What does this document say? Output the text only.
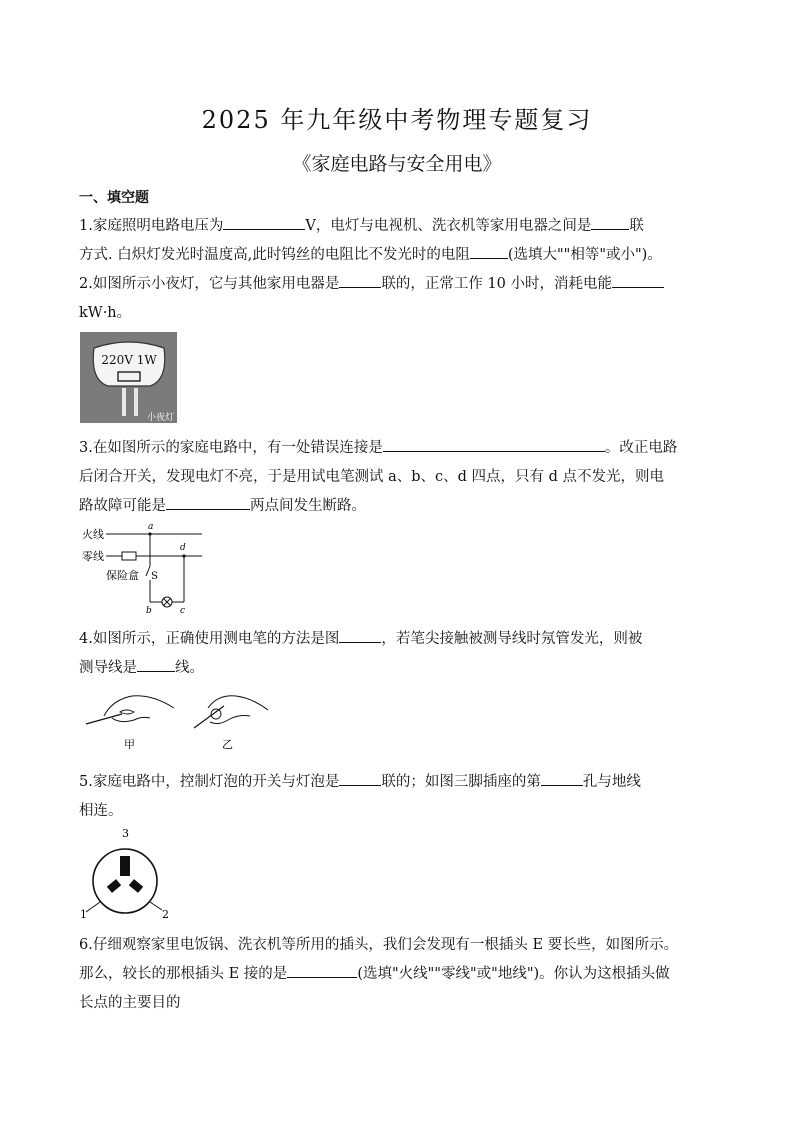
2025 年九年级中考物理专题复习
《家庭电路与安全用电》
一、填空题
1.家庭照明电路电压为	V，电灯与电视机、洗衣机等家用电器之间是	联
方式. 白炽灯发光时温度高,此时钨丝的电阻比不发光时的电阻	(选填大""相等"或小")。
2.如图所示小夜灯，它与其他家用电器是	联的，正常工作 10 小时，消耗电能
kW·h。
220V 1W
小夜灯
3.在如图所示的家庭电路中，有一处错误连接是	。改正电路
后闭合开关，发现电灯不亮，于是用试电笔测试 a、b、c、d 四点，只有 d 点不发光，则电
路故障可能是	两点间发生断路。
火线
零线
a
S
保险盒
d
b	c
4.如图所示，正确使用测电笔的方法是图	，若笔尖接触被测导线时氖管发光，则被
测导线是	线。
甲	乙
5.家庭电路中，控制灯泡的开关与灯泡是	联的；如图三脚插座的第	孔与地线
相连。
3
1	2
6.仔细观察家里电饭锅、洗衣机等所用的插头，我们会发现有一根插头 E 要长些，如图所示。
那么，较长的那根插头 E 接的是	(选填"火线""零线"或"地线")。你认为这根插头做
长点的主要目的
